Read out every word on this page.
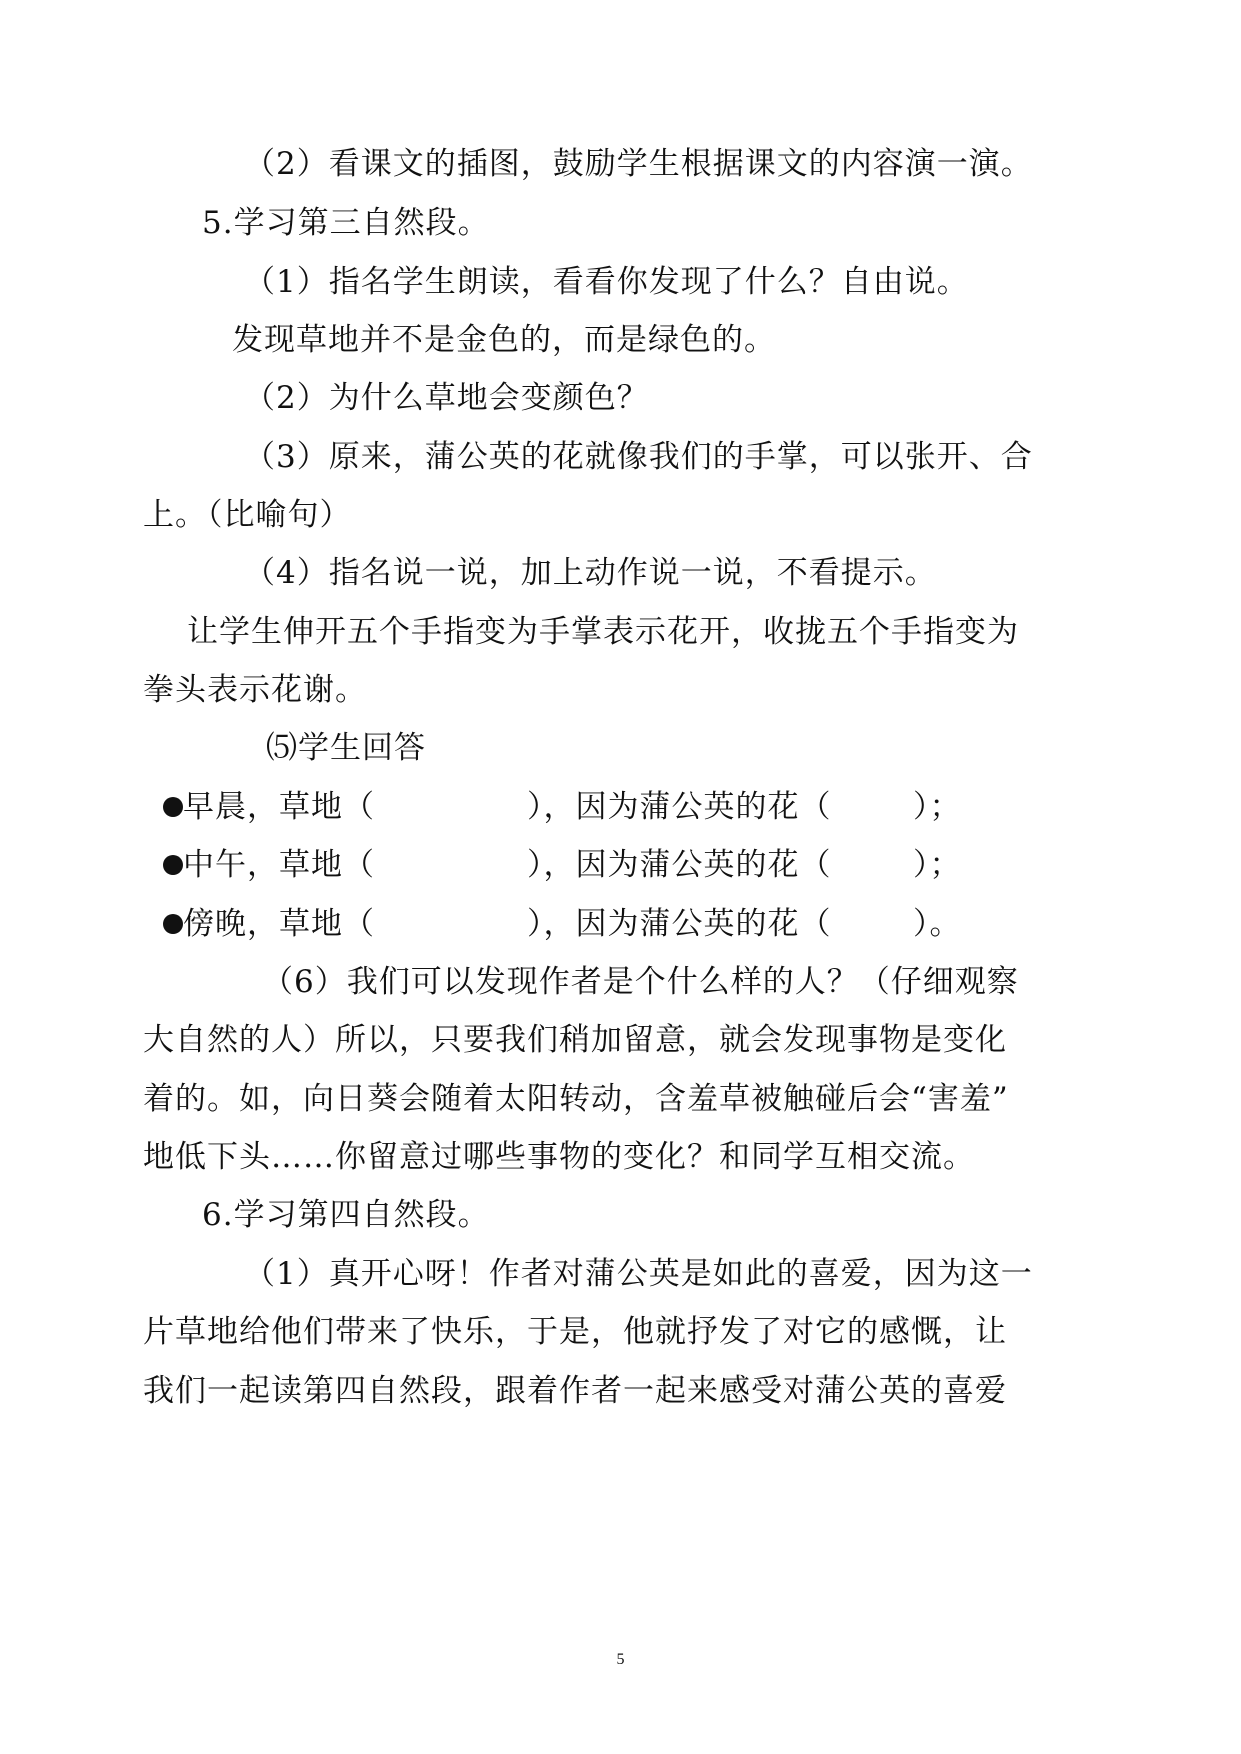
（2）看课文的插图，鼓励学生根据课文的内容演一演。
5.学习第三自然段。
（1）指名学生朗读，看看你发现了什么？自由说。
发现草地并不是金色的，而是绿色的。
（2）为什么草地会变颜色？
（3）原来，蒲公英的花就像我们的手掌，可以张开、合
上。（比喻句）
（4）指名说一说，加上动作说一说，不看提示。
让学生伸开五个手指变为手掌表示花开，收拢五个手指变为
拳头表示花谢。
⑸学生回答
早晨，草地（	），因为蒲公英的花（	）；
中午，草地（	），因为蒲公英的花（	）；
傍晚，草地（	），因为蒲公英的花（	）。
（6）我们可以发现作者是个什么样的人？（仔细观察
大自然的人）所以，只要我们稍加留意，就会发现事物是变化
着的。如，向日葵会随着太阳转动，含羞草被触碰后会“害羞”
地低下头……你留意过哪些事物的变化？和同学互相交流。
6.学习第四自然段。
（1）真开心呀！作者对蒲公英是如此的喜爱，因为这一
片草地给他们带来了快乐，于是，他就抒发了对它的感慨，让
我们一起读第四自然段，跟着作者一起来感受对蒲公英的喜爱
5
